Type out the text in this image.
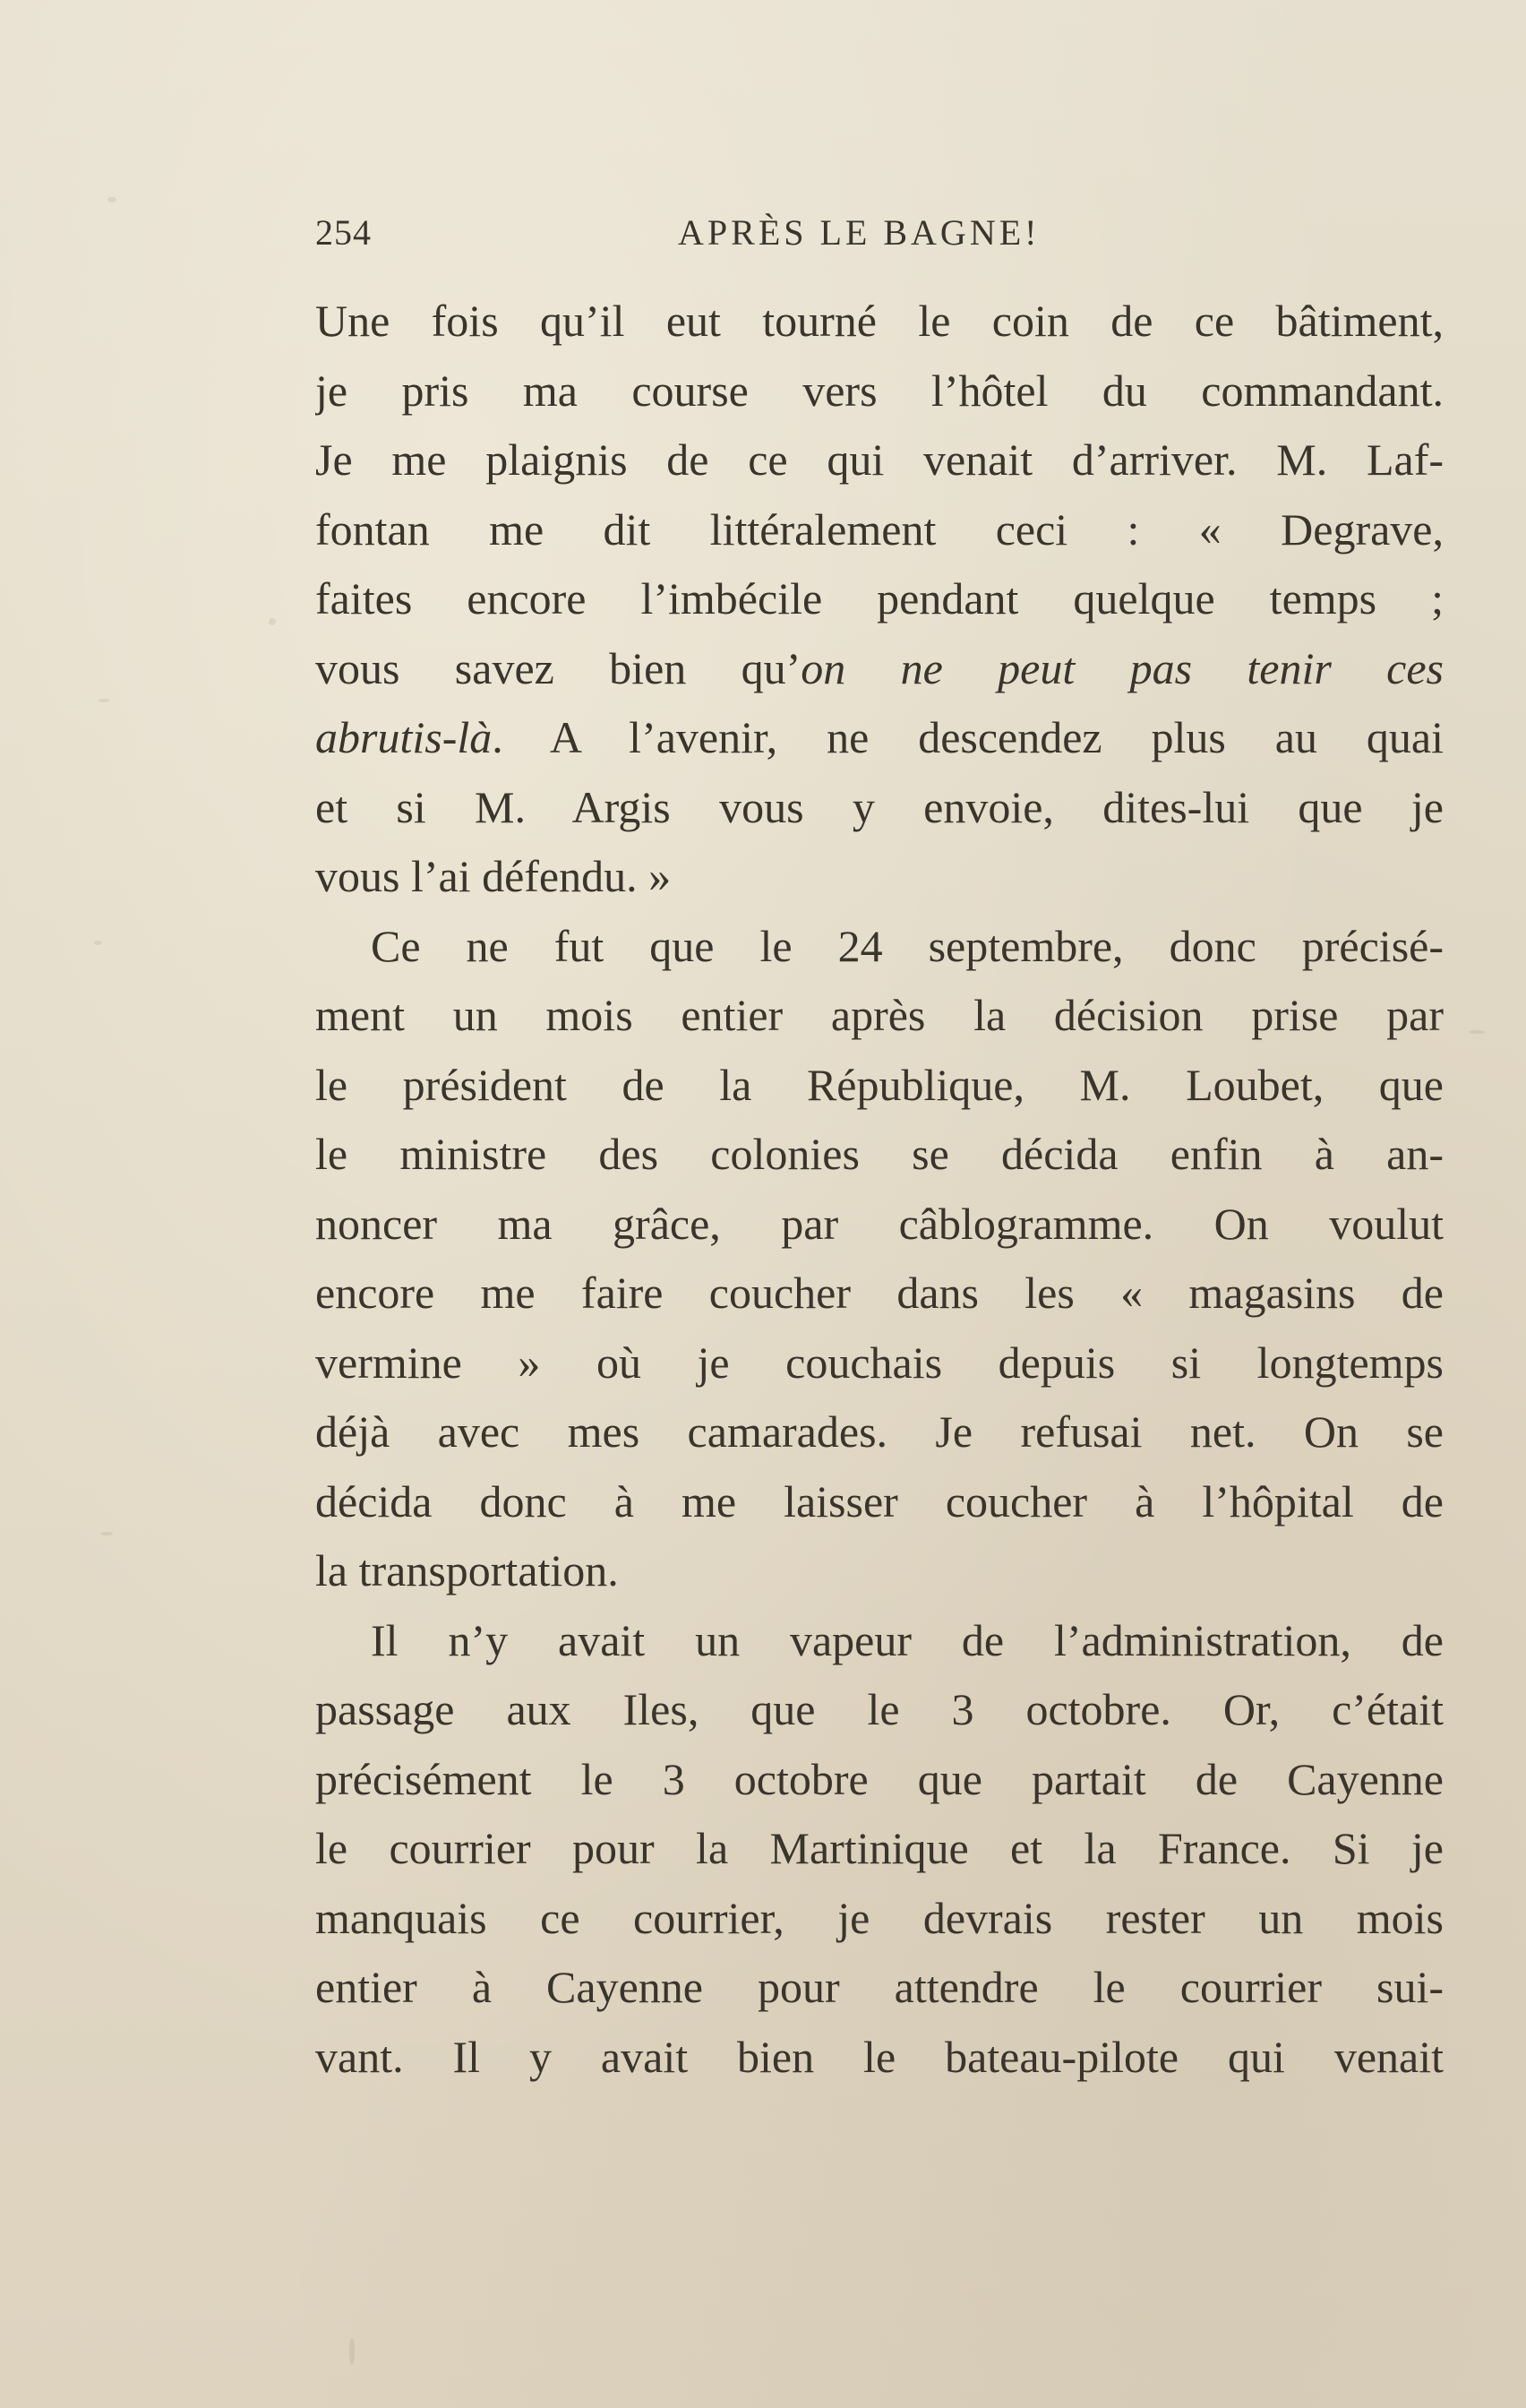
254	APRÈS LE BAGNE!
Une fois qu’il eut tourné le coin de ce bâtiment,
je pris ma course vers l’hôtel du commandant.
Je me plaignis de ce qui venait d’arriver. M. Laf-
fontan me dit littéralement ceci : « Degrave,
faites encore l’imbécile pendant quelque temps ;
vous savez bien qu’on ne peut pas tenir ces
abrutis-là. A l’avenir, ne descendez plus au quai
et si M. Argis vous y envoie, dites-lui que je
vous l’ai défendu. »
Ce ne fut que le 24 septembre, donc précisé-
ment un mois entier après la décision prise par
le président de la République, M. Loubet, que
le ministre des colonies se décida enfin à an-
noncer ma grâce, par câblogramme. On voulut
encore me faire coucher dans les « magasins de
vermine » où je couchais depuis si longtemps
déjà avec mes camarades. Je refusai net. On se
décida donc à me laisser coucher à l’hôpital de
la transportation.
Il n’y avait un vapeur de l’administration, de
passage aux Iles, que le 3 octobre. Or, c’était
précisément le 3 octobre que partait de Cayenne
le courrier pour la Martinique et la France. Si je
manquais ce courrier, je devrais rester un mois
entier à Cayenne pour attendre le courrier sui-
vant. Il y avait bien le bateau-pilote qui venait
